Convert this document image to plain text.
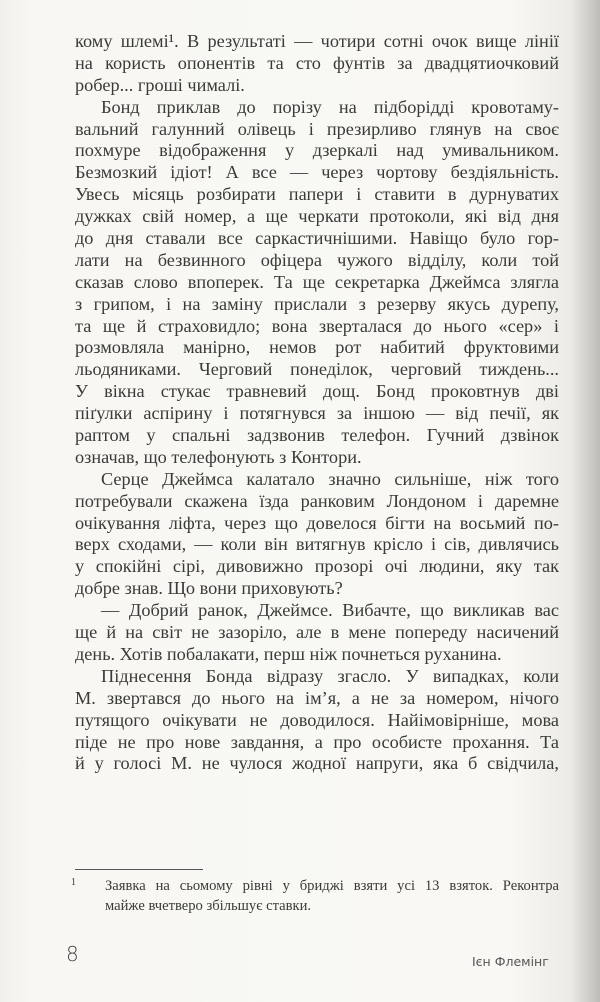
кому шлемі¹. В результаті — чотири сотні очок вище лінії
на користь опонентів та сто фунтів за двадцятиочковий
робер... гроші чималі.
Бонд приклав до порізу на підборідді кровотаму-
вальний галунний олівець і презирливо глянув на своє
похмуре відображення у дзеркалі над умивальником.
Безмозкий ідіот! А все — через чортову бездіяльність.
Увесь місяць розбирати папери і ставити в дурнуватих
дужках свій номер, а ще черкати протоколи, які від дня
до дня ставали все саркастичнішими. Навіщо було гор-
лати на безвинного офіцера чужого відділу, коли той
сказав слово впоперек. Та ще секретарка Джеймса злягла
з грипом, і на заміну прислали з резерву якусь дурепу,
та ще й страховидло; вона зверталася до нього «сер» і
розмовляла манірно, немов рот набитий фруктовими
льодяниками. Черговий понеділок, черговий тиждень...
У вікна стукає травневий дощ. Бонд проковтнув дві
піґулки аспірину і потягнувся за іншою — від печії, як
раптом у спальні задзвонив телефон. Гучний дзвінок
означав, що телефонують з Контори.
Серце Джеймса калатало значно сильніше, ніж того
потребували скажена їзда ранковим Лондоном і даремне
очікування ліфта, через що довелося бігти на восьмий по-
верх сходами, — коли він витягнув крісло і сів, дивлячись
у спокійні сірі, дивовижно прозорі очі людини, яку так
добре знав. Що вони приховують?
— Добрий ранок, Джеймсе. Вибачте, що викликав вас
ще й на світ не зазоріло, але в мене попереду насичений
день. Хотів побалакати, перш ніж почнеться руханина.
Піднесення Бонда відразу згасло. У випадках, коли
М. звертався до нього на ім’я, а не за номером, нічого
путящого очікувати не доводилося. Найімовірніше, мова
піде не про нове завдання, а про особисте прохання. Та
й у голосі М. не чулося жодної напруги, яка б свідчила,
1 Заявка на сьомому рівні у бриджі взяти усі 13 взяток. Реконтра
майже вчетверо збільшує ставки.
8	Ієн Флемінг
